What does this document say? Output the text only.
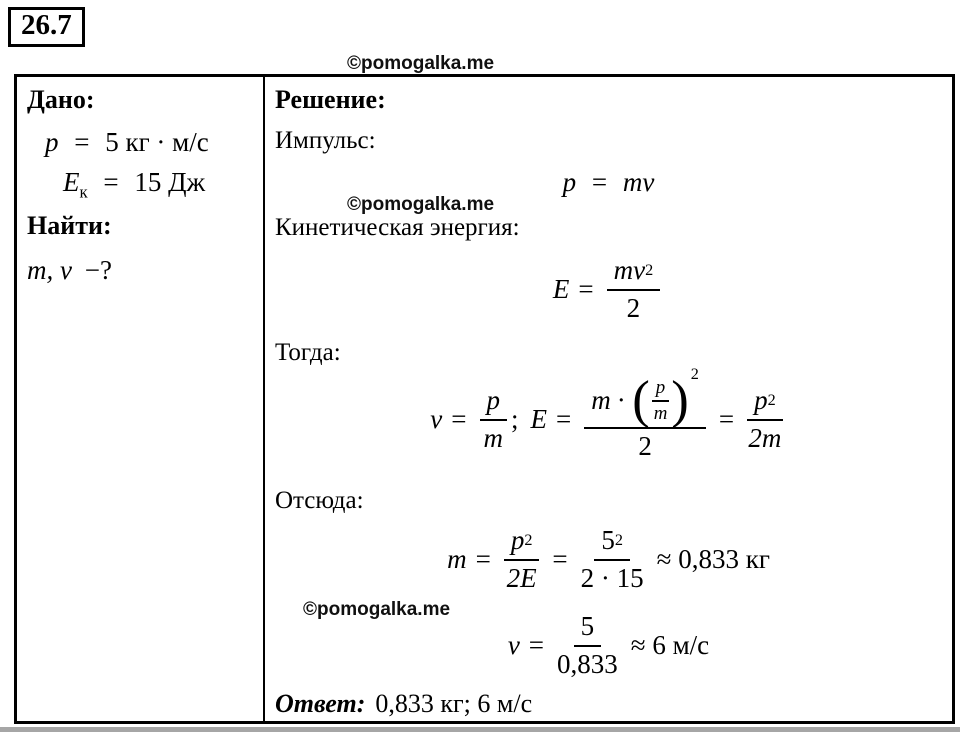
26.7
©pomogalka.me
©pomogalka.me
©pomogalka.me
Дано:
p = 5 кг · м/с
$E_к = 15$ Дж
Найти:
m, v −?
Решение:
Импульс:
p = mv
Кинетическая энергия:
$E = \frac{mv 2}{2}$
Тогда:
$v = \frac{p}{m}$ ; E =
m · ( $\frac{p}{m}$ ) 2
2
= $\frac{p 2}{2m}$
Отсюда:
$m = \frac{p 2}{2E} = \frac{5 2}{2 \cdot 15} \approx 0,833$ кг
$v = \frac{5}{0,833} \approx 6$ м/с
Ответ: 0,833 кг; 6 м/с
